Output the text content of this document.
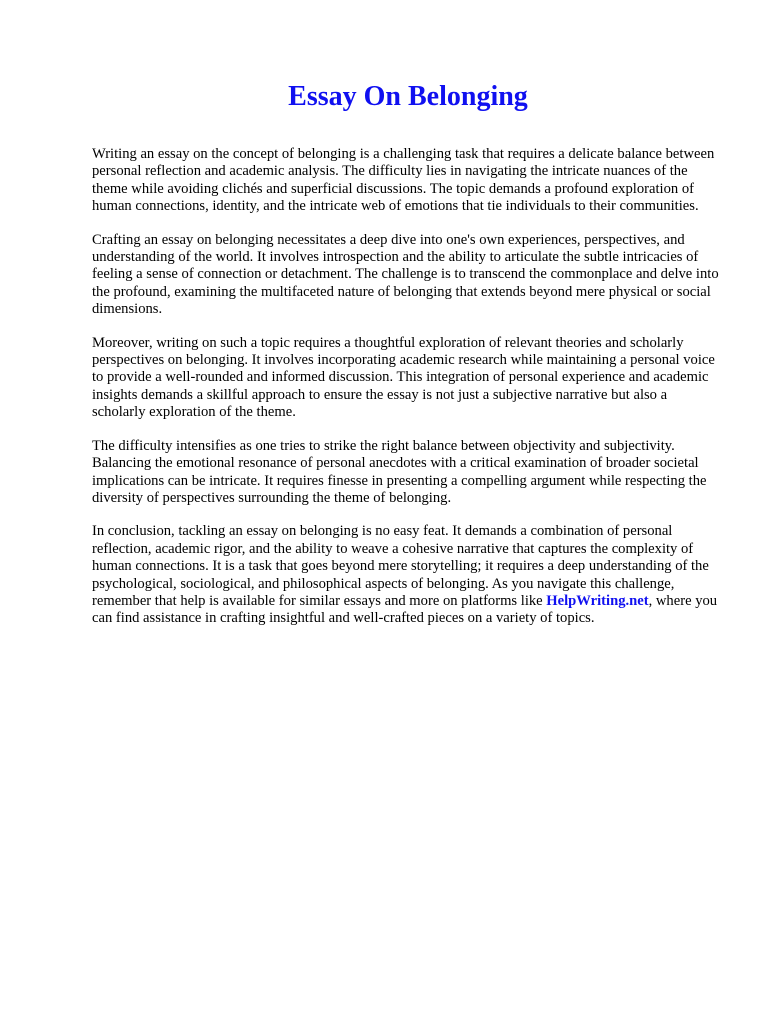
Essay On Belonging

Writing an essay on the concept of belonging is a challenging task that requires a delicate balance between personal reflection and academic analysis. The difficulty lies in navigating the intricate nuances of the theme while avoiding clichés and superficial discussions. The topic demands a profound exploration of human connections, identity, and the intricate web of emotions that tie individuals to their communities.

Crafting an essay on belonging necessitates a deep dive into one's own experiences, perspectives, and understanding of the world. It involves introspection and the ability to articulate the subtle intricacies of feeling a sense of connection or detachment. The challenge is to transcend the commonplace and delve into the profound, examining the multifaceted nature of belonging that extends beyond mere physical or social dimensions.

Moreover, writing on such a topic requires a thoughtful exploration of relevant theories and scholarly perspectives on belonging. It involves incorporating academic research while maintaining a personal voice to provide a well-rounded and informed discussion. This integration of personal experience and academic insights demands a skillful approach to ensure the essay is not just a subjective narrative but also a scholarly exploration of the theme.

The difficulty intensifies as one tries to strike the right balance between objectivity and subjectivity. Balancing the emotional resonance of personal anecdotes with a critical examination of broader societal implications can be intricate. It requires finesse in presenting a compelling argument while respecting the diversity of perspectives surrounding the theme of belonging.

In conclusion, tackling an essay on belonging is no easy feat. It demands a combination of personal reflection, academic rigor, and the ability to weave a cohesive narrative that captures the complexity of human connections. It is a task that goes beyond mere storytelling; it requires a deep understanding of the psychological, sociological, and philosophical aspects of belonging. As you navigate this challenge, remember that help is available for similar essays and more on platforms like HelpWriting.net, where you can find assistance in crafting insightful and well-crafted pieces on a variety of topics.
